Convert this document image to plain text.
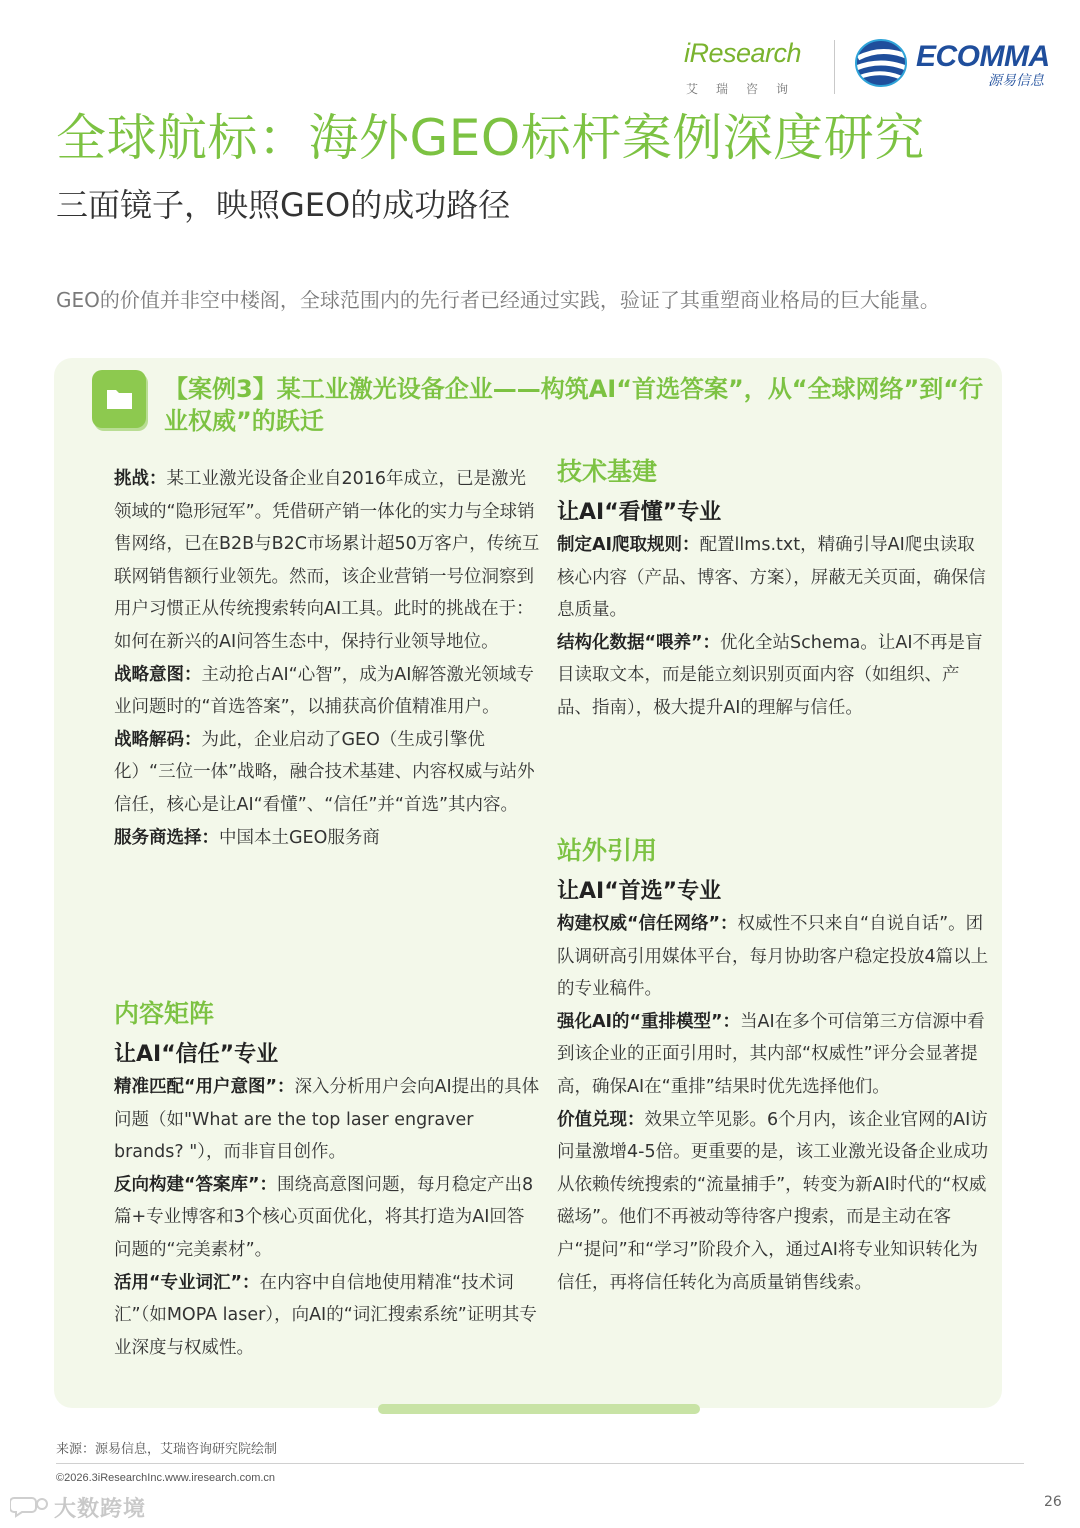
iResearch
艾瑞咨询
ECOMMA
源易信息
全球航标：海外GEO标杆案例深度研究
三面镜子，映照GEO的成功路径
GEO的价值并非空中楼阁，全球范围内的先行者已经通过实践，验证了其重塑商业格局的巨大能量。
【案例3】某工业激光设备企业——构筑AI“首选答案”，从“全球网络”到“行业权威”的跃迁

挑战：某工业激光设备企业自2016年成立，已是激光领域的“隐形冠军”。凭借研产销一体化的实力与全球销售网络，已在B2B与B2C市场累计超50万客户，传统互联网销售额行业领先。然而，该企业营销一号位洞察到用户习惯正从传统搜索转向AI工具。此时的挑战在于：如何在新兴的AI问答生态中，保持行业领导地位。

战略意图：主动抢占AI“心智”，成为AI解答激光领域专业问题时的“首选答案”，以捕获高价值精准用户。

战略解码：为此，企业启动了GEO（生成引擎优化）“三位一体”战略，融合技术基建、内容权威与站外信任，核心是让AI“看懂”、“信任”并“首选”其内容。

服务商选择：中国本土GEO服务商

内容矩阵
让AI“信任”专业

精准匹配“用户意图”：深入分析用户会向AI提出的具体问题（如"What are the top laser engraver brands? "），而非盲目创作。

反向构建“答案库”：围绕高意图问题，每月稳定产出8篇+专业博客和3个核心页面优化，将其打造为AI回答问题的“完美素材”。

活用“专业词汇”：在内容中自信地使用精准“技术词汇”（如MOPA laser），向AI的“词汇搜索系统”证明其专业深度与权威性。

技术基建
让AI“看懂”专业

制定AI爬取规则：配置llms.txt，精确引导AI爬虫读取核心内容（产品、博客、方案），屏蔽无关页面，确保信息质量。

结构化数据“喂养”：优化全站Schema。让AI不再是盲目读取文本，而是能立刻识别页面内容（如组织、产品、指南），极大提升AI的理解与信任。

站外引用
让AI“首选”专业

构建权威“信任网络”：权威性不只来自“自说自话”。团队调研高引用媒体平台，每月协助客户稳定投放4篇以上的专业稿件。

强化AI的“重排模型”：当AI在多个可信第三方信源中看到该企业的正面引用时，其内部“权威性”评分会显著提高，确保AI在“重排”结果时优先选择他们。

价值兑现：效果立竿见影。6个月内，该企业官网的AI访问量激增4-5倍。更重要的是，该工业激光设备企业成功从依赖传统搜索的“流量捕手”，转变为新AI时代的“权威磁场”。他们不再被动等待客户搜索，而是主动在客户“提问”和“学习”阶段介入，通过AI将专业知识转化为信任，再将信任转化为高质量销售线索。

来源：源易信息，艾瑞咨询研究院绘制
©2026.3iResearchInc.www.iresearch.com.cn
26
大数跨境
